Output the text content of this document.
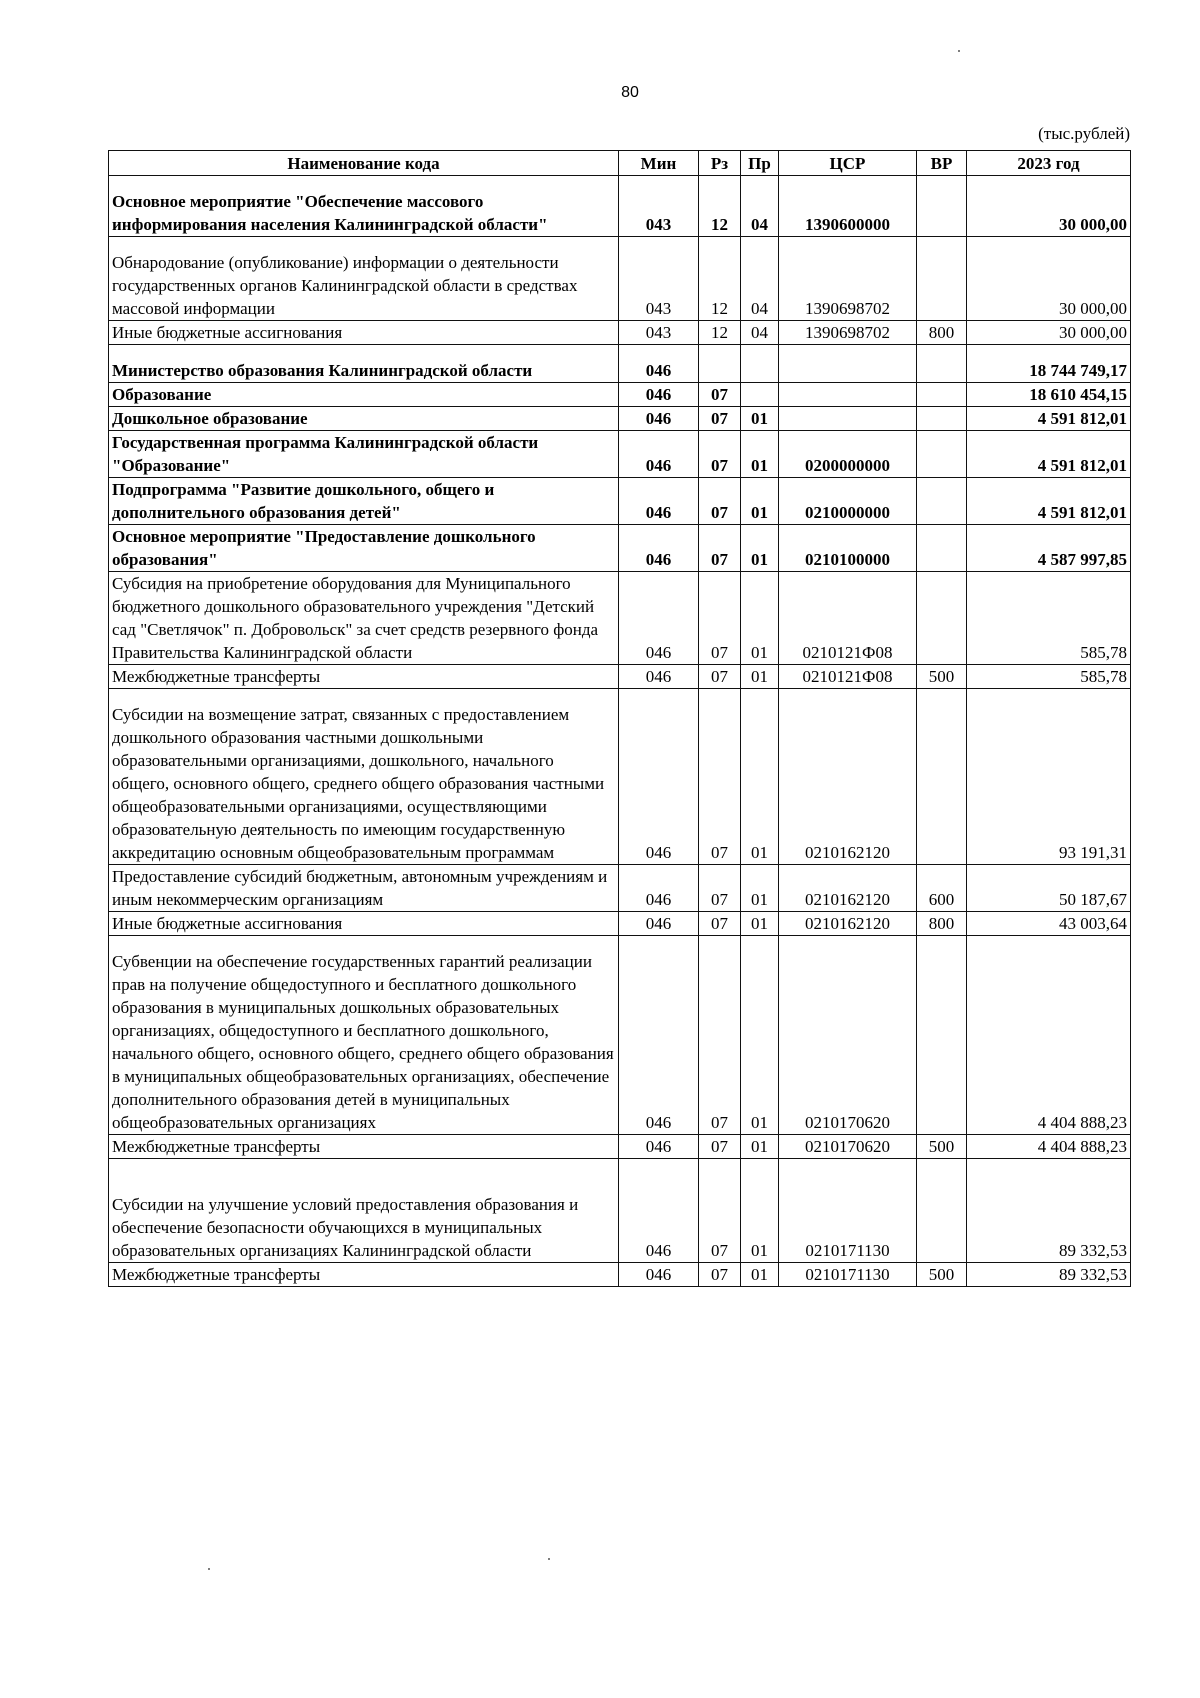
80
(тыс.рублей)
Наименование кода	Мин	Рз	Пр	ЦСР	ВР	2023 год

Основное мероприятие "Обеспечение массового информирования населения Калининградской области"	043	12	04	1390600000		30 000,00

Обнародование (опубликование) информации о деятельности государственных органов Калининградской области в средствах массовой информации	043	12	04	1390698702		30 000,00
Иные бюджетные ассигнования	043	12	04	1390698702	800	30 000,00

Министерство образования Калининградской области	046					18 744 749,17
Образование	046	07				18 610 454,15
Дошкольное образование	046	07	01			4 591 812,01
Государственная программа Калининградской области "Образование"	046	07	01	0200000000		4 591 812,01
Подпрограмма "Развитие дошкольного, общего и дополнительного образования детей"	046	07	01	0210000000		4 591 812,01
Основное мероприятие "Предоставление дошкольного образования"	046	07	01	0210100000		4 587 997,85
Субсидия на приобретение оборудования для Муниципального бюджетного дошкольного образовательного учреждения "Детский сад "Светлячок" п. Добровольск" за счет средств резервного фонда Правительства Калининградской области	046	07	01	0210121Ф08		585,78
Межбюджетные трансферты	046	07	01	0210121Ф08	500	585,78

Субсидии на возмещение затрат, связанных с предоставлением дошкольного образования частными дошкольными образовательными организациями, дошкольного, начального общего, основного общего, среднего общего образования частными общеобразовательными организациями, осуществляющими образовательную деятельность по имеющим государственную аккредитацию основным общеобразовательным программам	046	07	01	0210162120		93 191,31
Предоставление субсидий бюджетным, автономным учреждениям и иным некоммерческим организациям	046	07	01	0210162120	600	50 187,67
Иные бюджетные ассигнования	046	07	01	0210162120	800	43 003,64

Субвенции на обеспечение государственных гарантий реализации прав на получение общедоступного и бесплатного дошкольного образования в муниципальных дошкольных образовательных организациях, общедоступного и бесплатного дошкольного, начального общего, основного общего, среднего общего образования в муниципальных общеобразовательных организациях, обеспечение дополнительного образования детей в муниципальных общеобразовательных организациях	046	07	01	0210170620		4 404 888,23
Межбюджетные трансферты	046	07	01	0210170620	500	4 404 888,23

Субсидии на улучшение условий предоставления образования и обеспечение безопасности обучающихся в муниципальных образовательных организациях Калининградской области	046	07	01	0210171130		89 332,53
Межбюджетные трансферты	046	07	01	0210171130	500	89 332,53
